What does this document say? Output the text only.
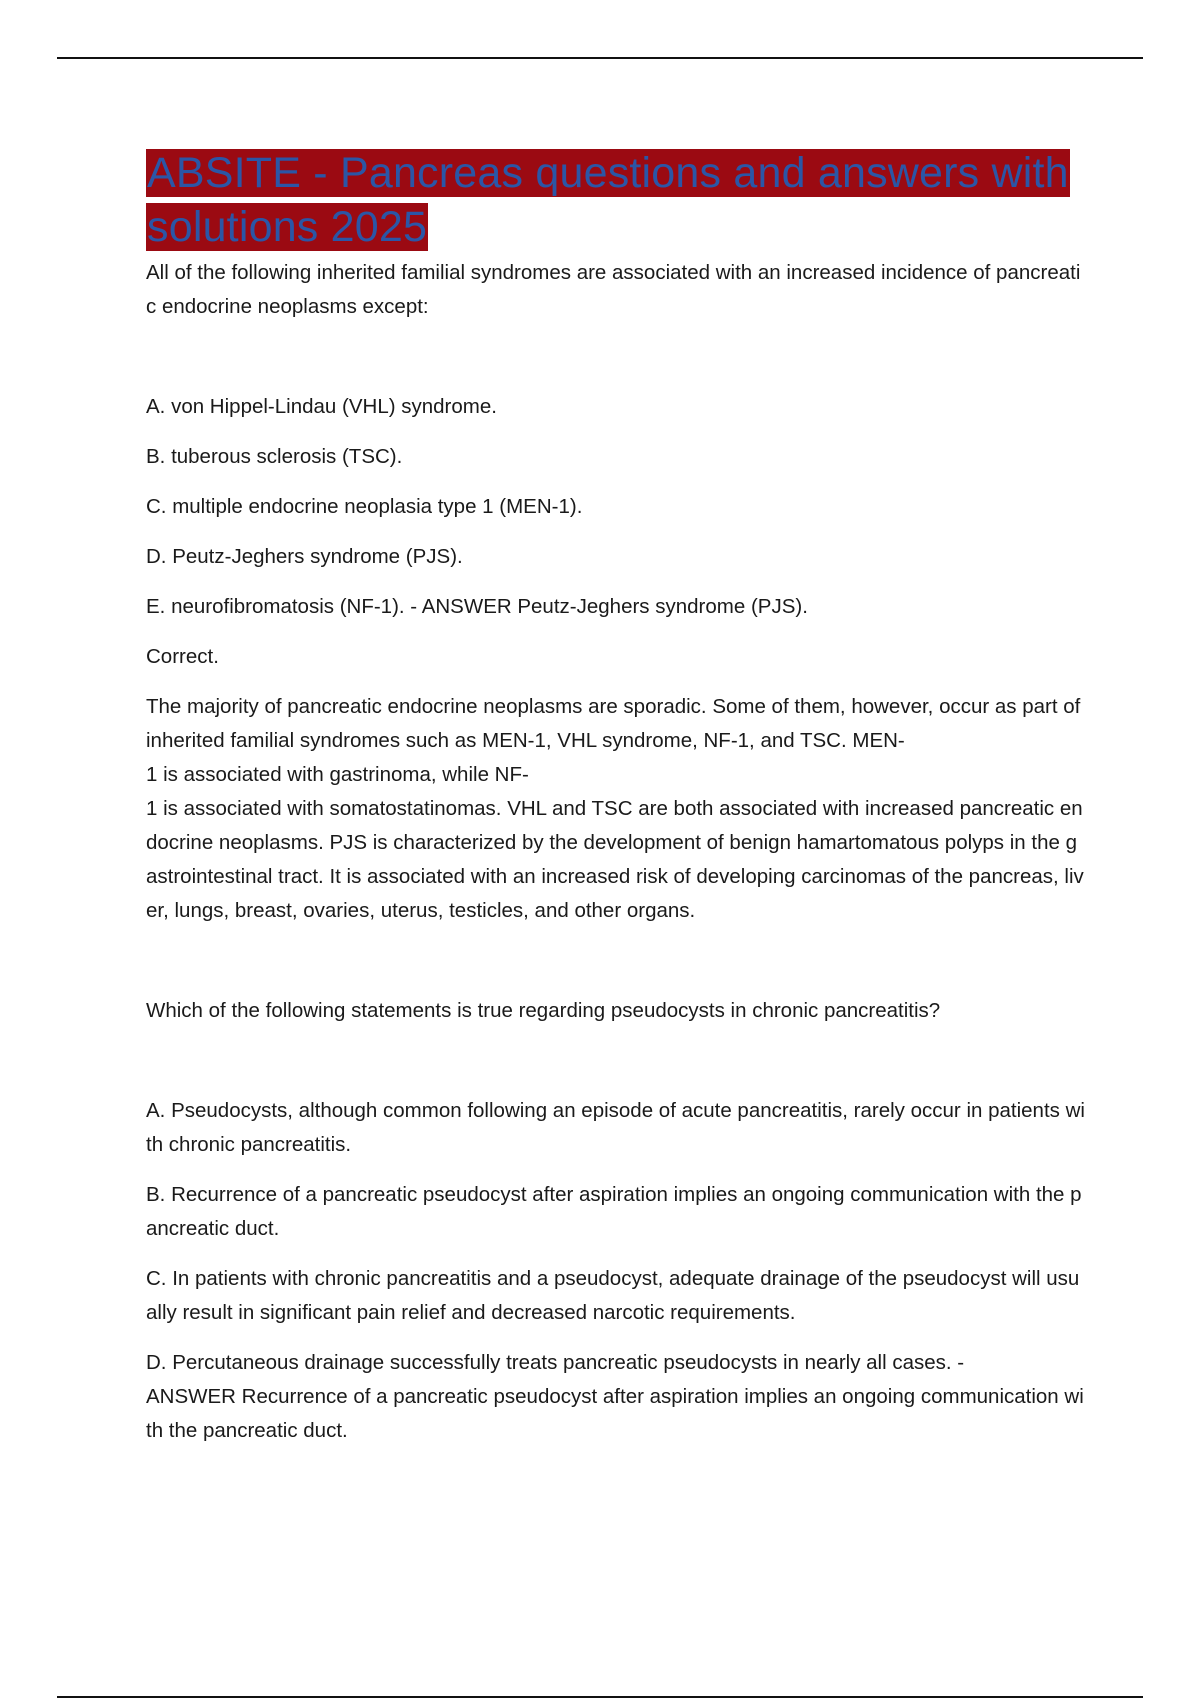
ABSITE - Pancreas questions and answers with solutions 2025

All of the following inherited familial syndromes are associated with an increased incidence of pancreatic endocrine neoplasms except:

A. von Hippel-Lindau (VHL) syndrome.

B. tuberous sclerosis (TSC).

C. multiple endocrine neoplasia type 1 (MEN-1).

D. Peutz-Jeghers syndrome (PJS).

E. neurofibromatosis (NF-1). - ANSWER Peutz-Jeghers syndrome (PJS).

Correct.

The majority of pancreatic endocrine neoplasms are sporadic. Some of them, however, occur as part of inherited familial syndromes such as MEN-1, VHL syndrome, NF-1, and TSC. MEN-

1 is associated with gastrinoma, while NF-

1 is associated with somatostatinomas. VHL and TSC are both associated with increased pancreatic endocrine neoplasms. PJS is characterized by the development of benign hamartomatous polyps in the gastrointestinal tract. It is associated with an increased risk of developing carcinomas of the pancreas, liver, lungs, breast, ovaries, uterus, testicles, and other organs.

Which of the following statements is true regarding pseudocysts in chronic pancreatitis?

A. Pseudocysts, although common following an episode of acute pancreatitis, rarely occur in patients with chronic pancreatitis.

B. Recurrence of a pancreatic pseudocyst after aspiration implies an ongoing communication with the pancreatic duct.

C. In patients with chronic pancreatitis and a pseudocyst, adequate drainage of the pseudocyst will usually result in significant pain relief and decreased narcotic requirements.

D. Percutaneous drainage successfully treats pancreatic pseudocysts in nearly all cases. -

ANSWER Recurrence of a pancreatic pseudocyst after aspiration implies an ongoing communication with the pancreatic duct.
